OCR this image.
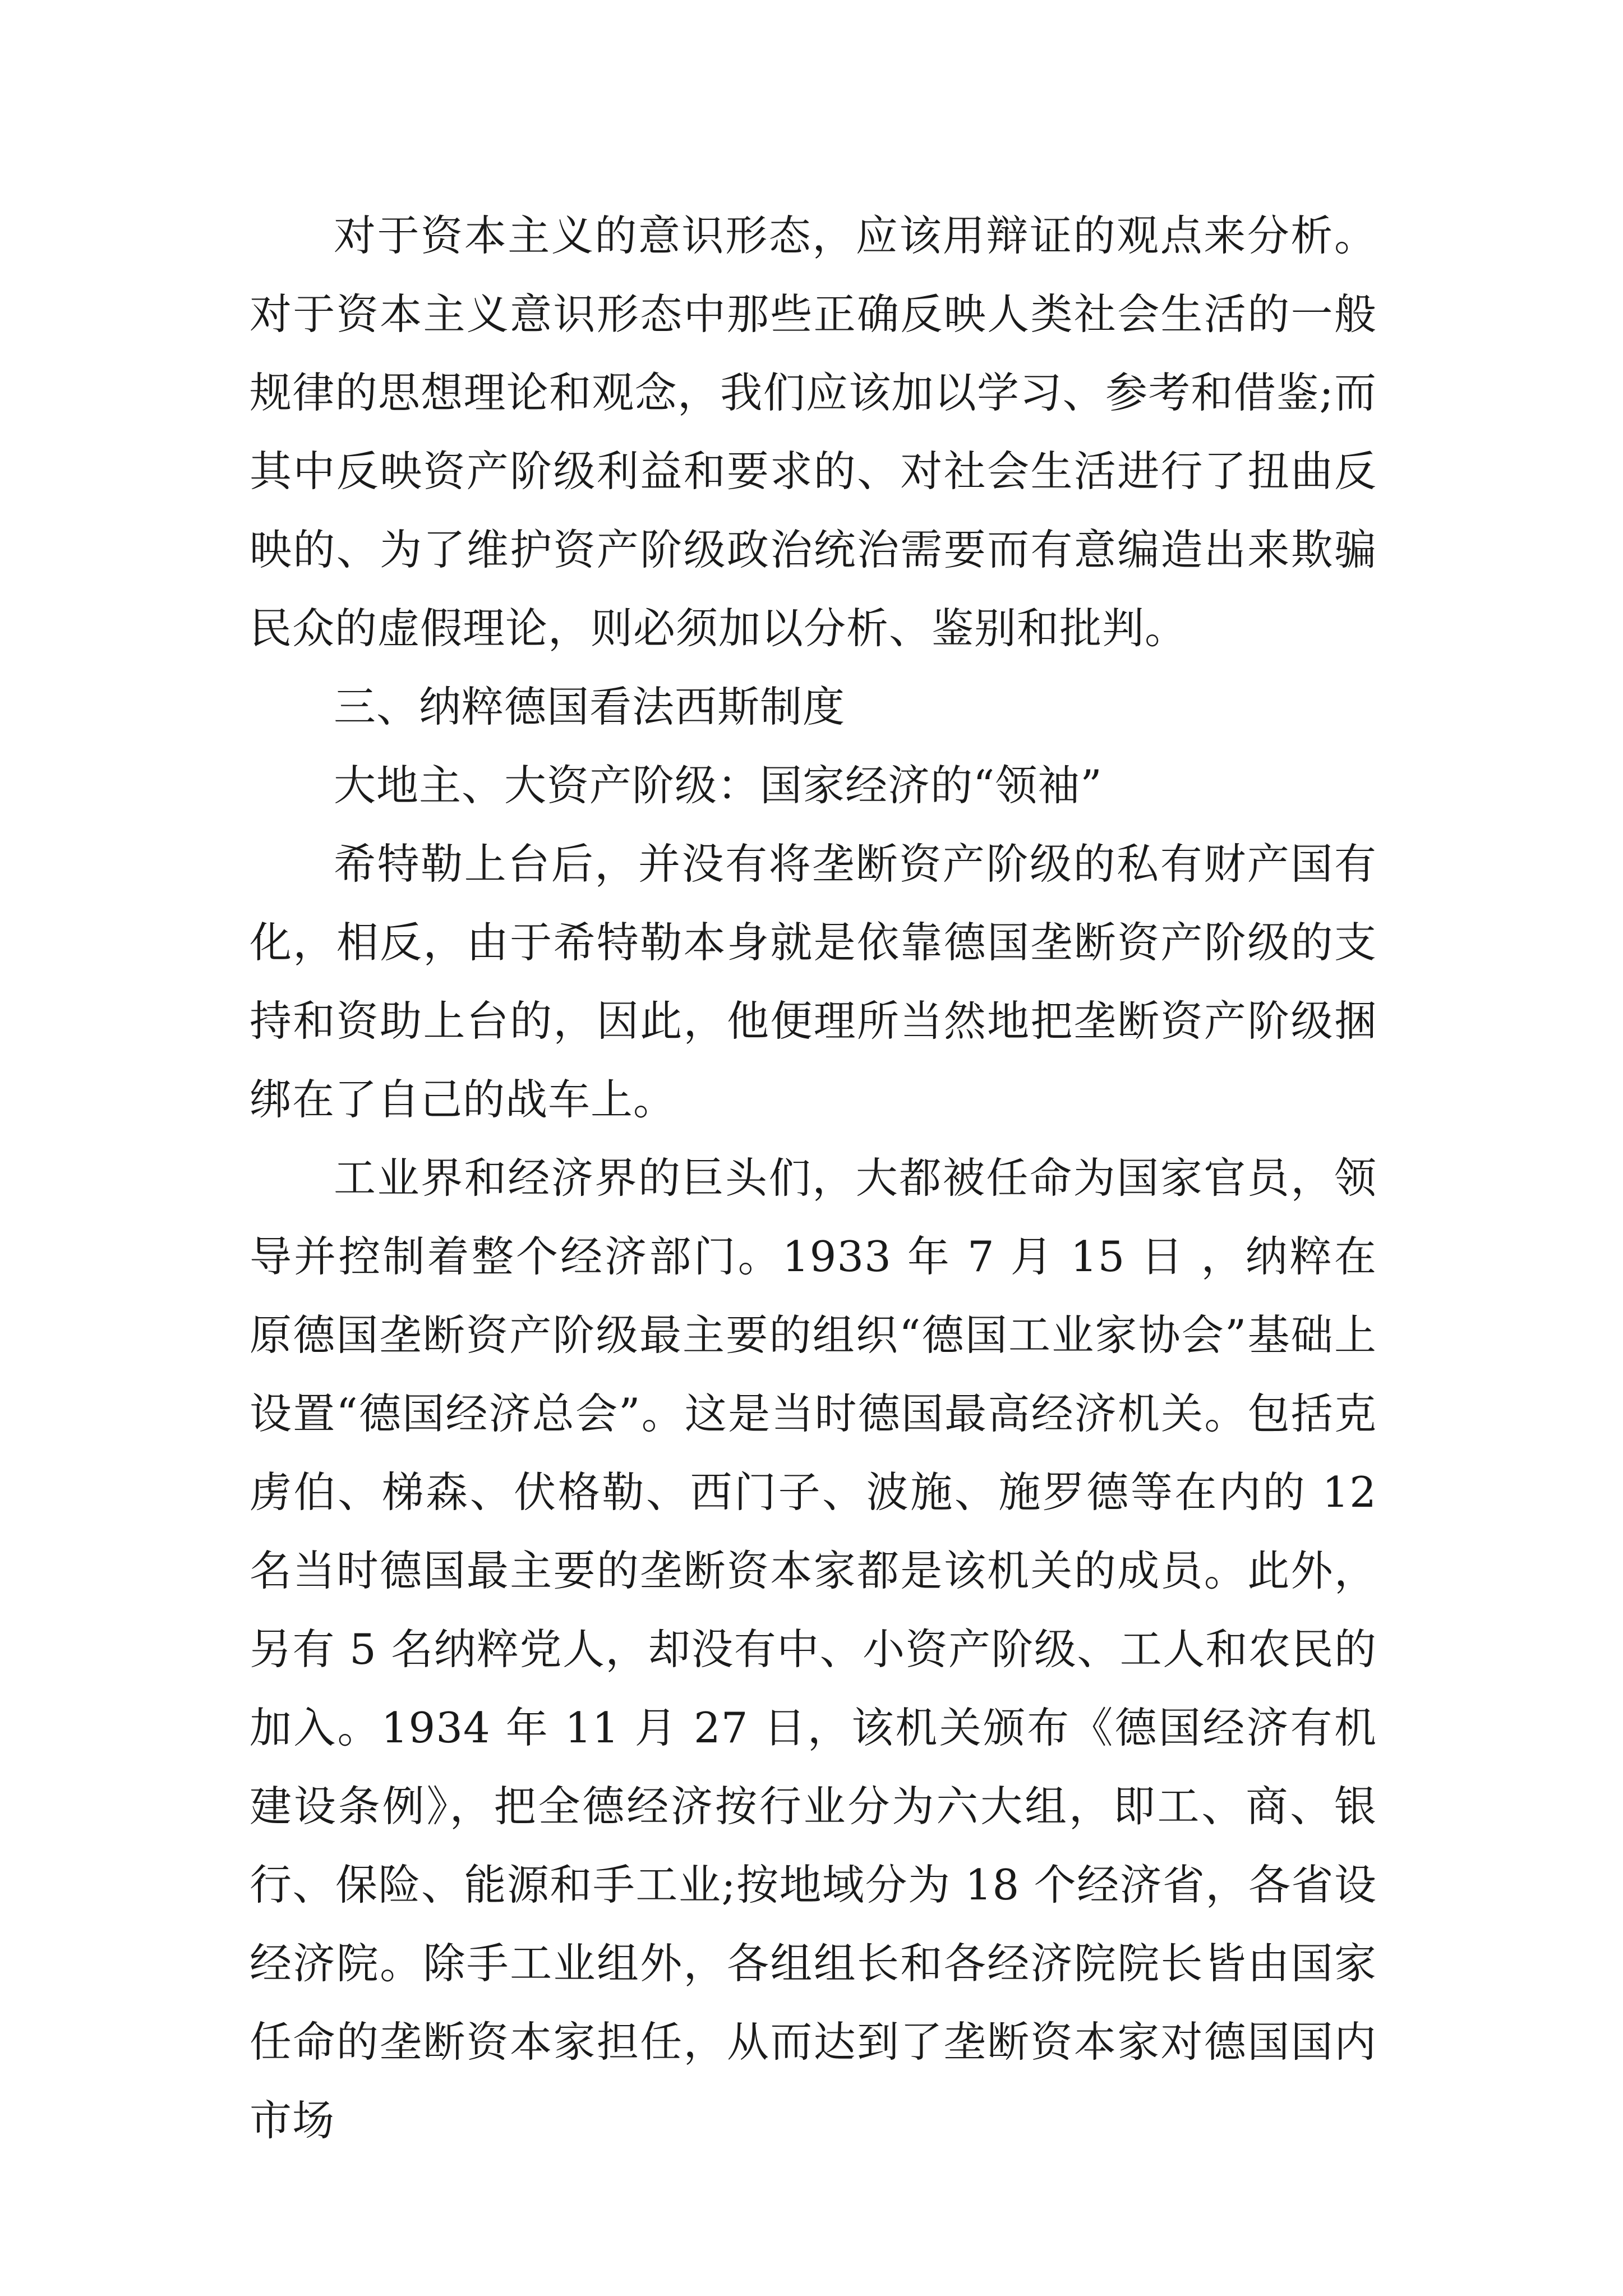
对于资本主义的意识形态，应该用辩证的观点来分析。对于资本主义意识形态中那些正确反映人类社会生活的一般规律的思想理论和观念，我们应该加以学习、参考和借鉴;而其中反映资产阶级利益和要求的、对社会生活进行了扭曲反映的、为了维护资产阶级政治统治需要而有意编造出来欺骗民众的虚假理论，则必须加以分析、鉴别和批判。

三、纳粹德国看法西斯制度

大地主、大资产阶级：国家经济的“领袖”

希特勒上台后，并没有将垄断资产阶级的私有财产国有化，相反，由于希特勒本身就是依靠德国垄断资产阶级的支持和资助上台的，因此，他便理所当然地把垄断资产阶级捆绑在了自己的战车上。

工业界和经济界的巨头们，大都被任命为国家官员，领导并控制着整个经济部门。1933 年 7 月 15 日 ，纳粹在原德国垄断资产阶级最主要的组织“德国工业家协会”基础上设置“德国经济总会”。这是当时德国最高经济机关。包括克虏伯、梯森、伏格勒、西门子、波施、施罗德等在内的 12 名当时德国最主要的垄断资本家都是该机关的成员。此外，另有 5 名纳粹党人，却没有中、小资产阶级、工人和农民的加入。1934 年 11 月 27 日，该机关颁布《德国经济有机建设条例》，把全德经济按行业分为六大组，即工、商、银行、保险、能源和手工业;按地域分为 18 个经济省，各省设经济院。除手工业组外，各组组长和各经济院院长皆由国家任命的垄断资本家担任，从而达到了垄断资本家对德国国内市场
